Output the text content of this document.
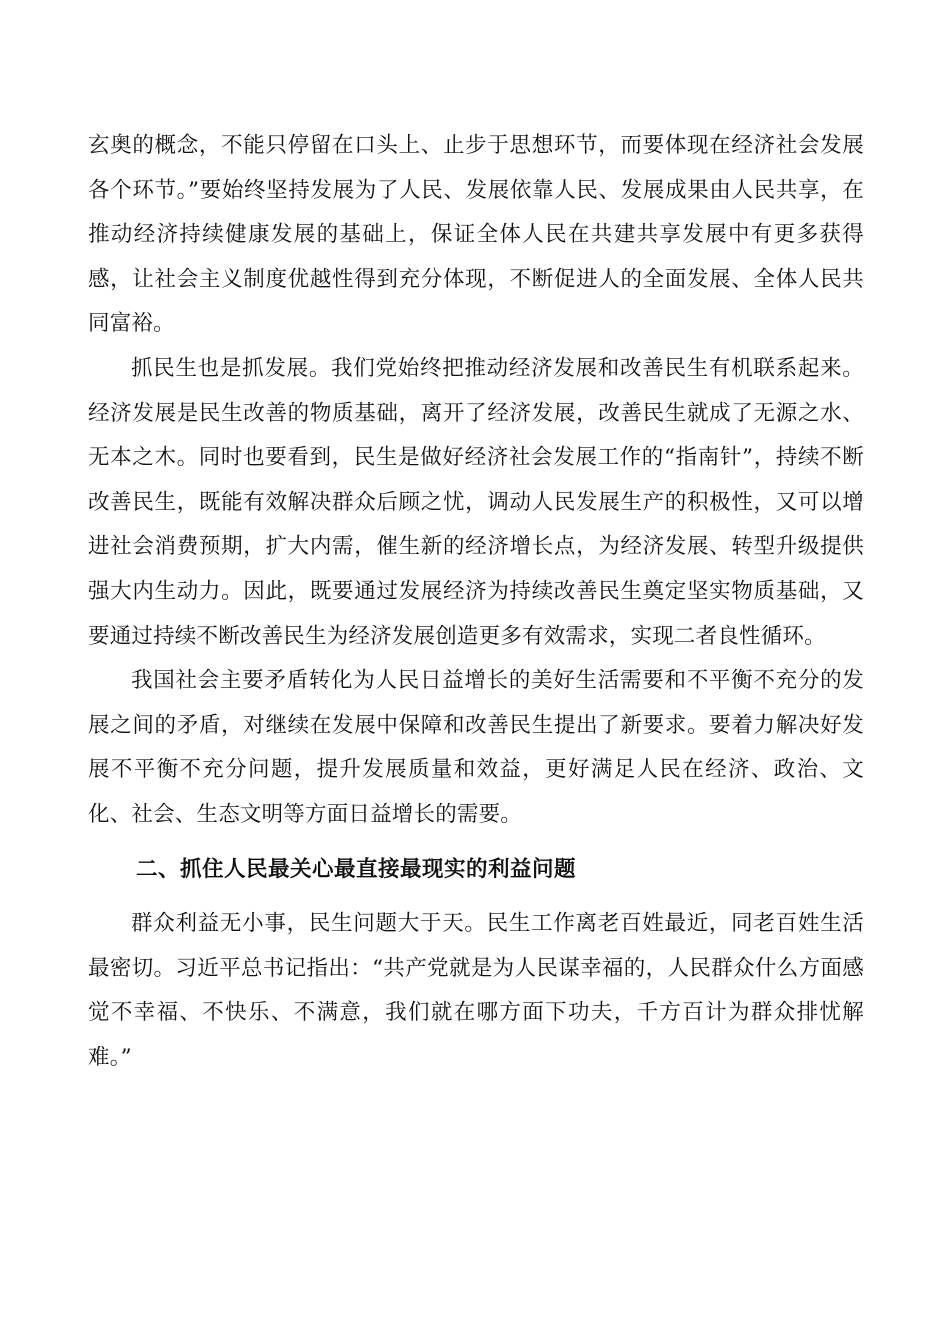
玄奥的概念，不能只停留在口头上、止步于思想环节，而要体现在经济社会发展各个环节。”要始终坚持发展为了人民、发展依靠人民、发展成果由人民共享，在推动经济持续健康发展的基础上，保证全体人民在共建共享发展中有更多获得感，让社会主义制度优越性得到充分体现，不断促进人的全面发展、全体人民共同富裕。

抓民生也是抓发展。我们党始终把推动经济发展和改善民生有机联系起来。经济发展是民生改善的物质基础，离开了经济发展，改善民生就成了无源之水、无本之木。同时也要看到，民生是做好经济社会发展工作的“指南针”，持续不断改善民生，既能有效解决群众后顾之忧，调动人民发展生产的积极性，又可以增进社会消费预期，扩大内需，催生新的经济增长点，为经济发展、转型升级提供强大内生动力。因此，既要通过发展经济为持续改善民生奠定坚实物质基础，又要通过持续不断改善民生为经济发展创造更多有效需求，实现二者良性循环。

我国社会主要矛盾转化为人民日益增长的美好生活需要和不平衡不充分的发展之间的矛盾，对继续在发展中保障和改善民生提出了新要求。要着力解决好发展不平衡不充分问题，提升发展质量和效益，更好满足人民在经济、政治、文化、社会、生态文明等方面日益增长的需要。

二、抓住人民最关心最直接最现实的利益问题

群众利益无小事，民生问题大于天。民生工作离老百姓最近，同老百姓生活最密切。习近平总书记指出：“共产党就是为人民谋幸福的，人民群众什么方面感觉不幸福、不快乐、不满意，我们就在哪方面下功夫，千方百计为群众排忧解难。”
